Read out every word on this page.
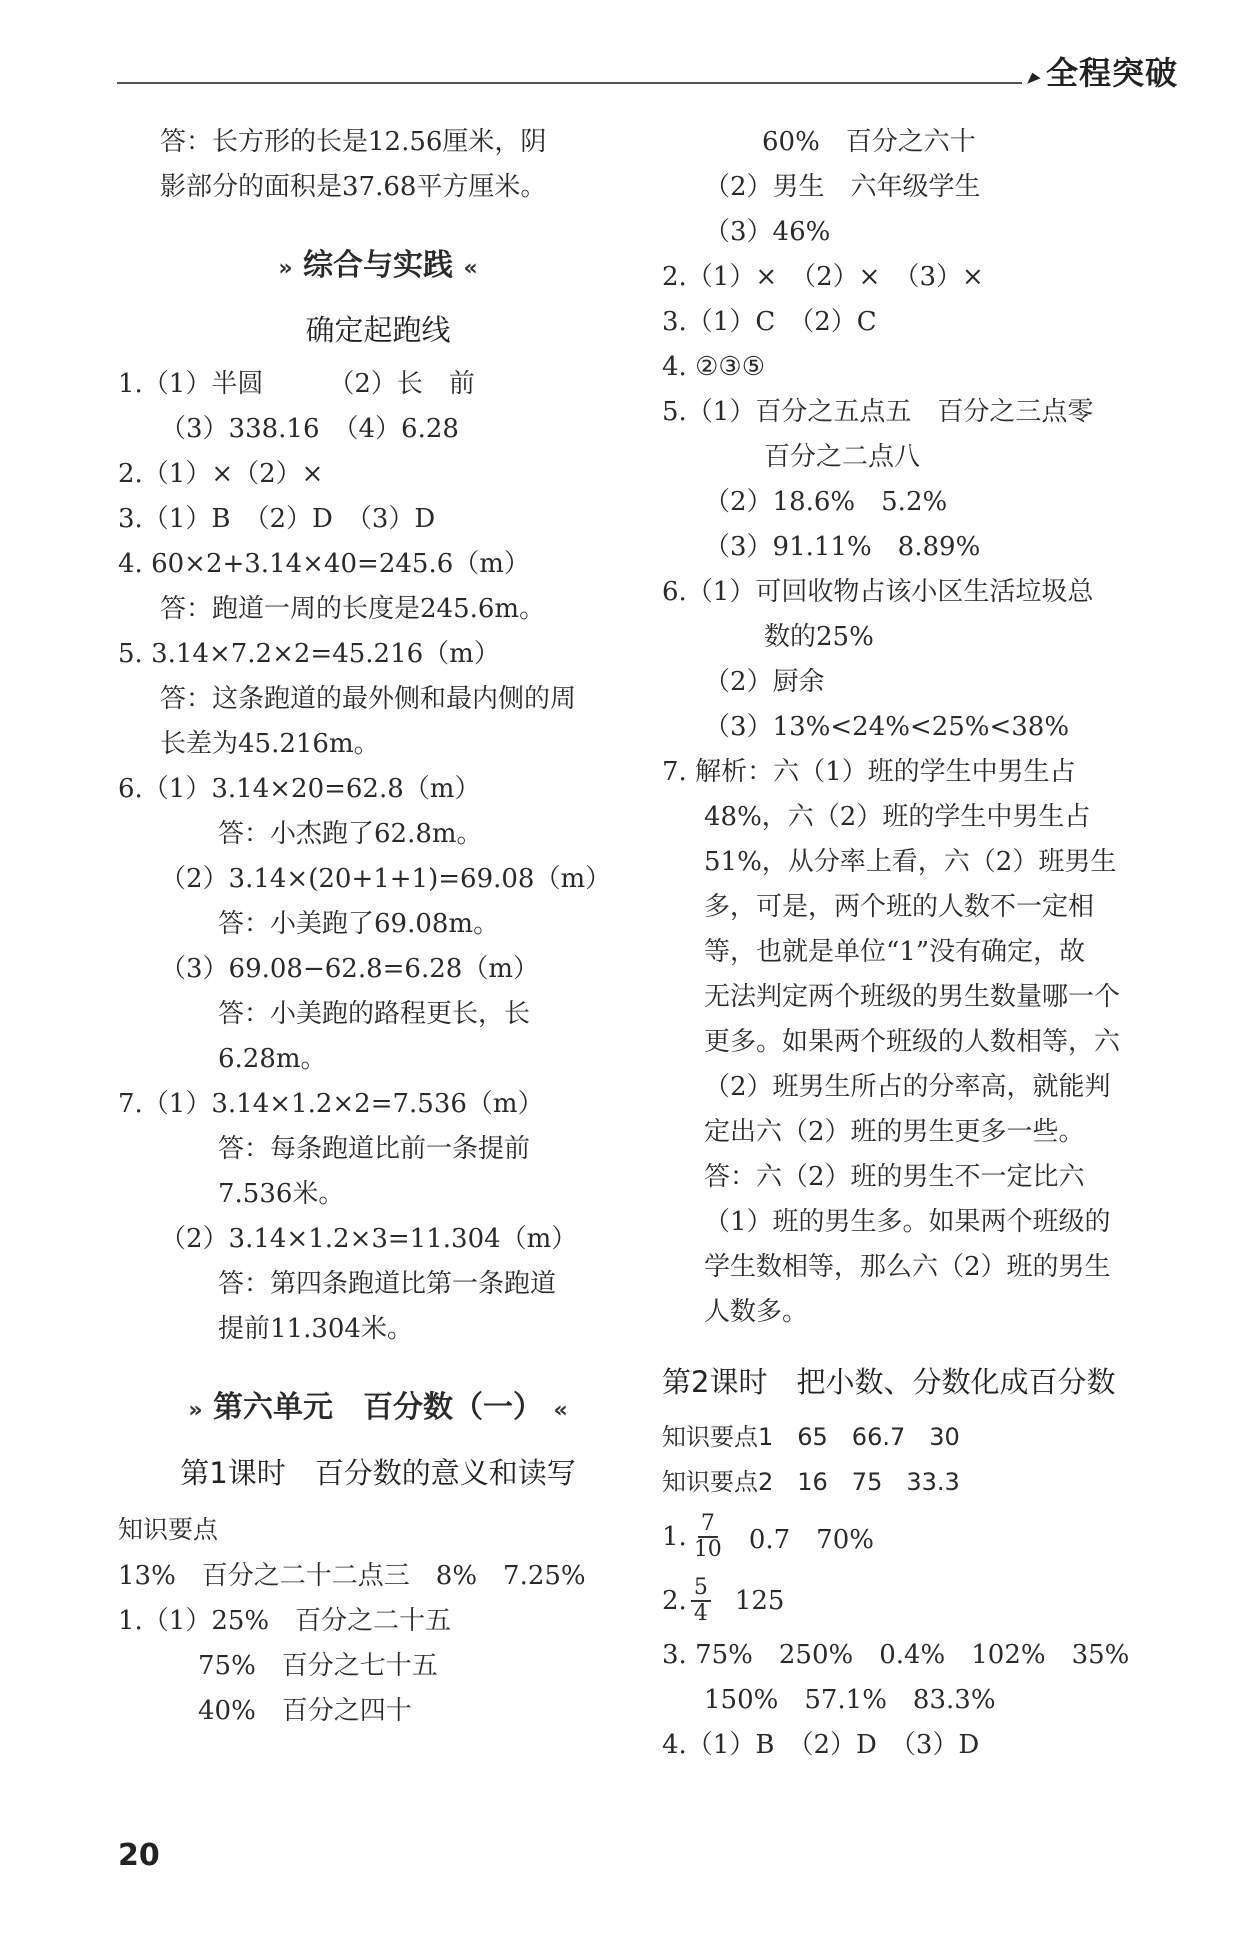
▸全程突破
答：长方形的长是12.56厘米，阴
影部分的面积是37.68平方厘米。
» 综合与实践 «
确定起跑线
1.（1）半圆　　　（2）长　前
（3）338.16　（4）6.28
2.（1）×（2）×
3.（1）B　（2）D　（3）D
4. 60×2+3.14×40=245.6（m）
答：跑道一周的长度是245.6m。
5. 3.14×7.2×2=45.216（m）
答：这条跑道的最外侧和最内侧的周
长差为45.216m。
6.（1）3.14×20=62.8（m）
答：小杰跑了62.8m。
（2）3.14×(20+1+1)=69.08（m）
答：小美跑了69.08m。
（3）69.08−62.8=6.28（m）
答：小美跑的路程更长，长
6.28m。
7.（1）3.14×1.2×2=7.536（m）
答：每条跑道比前一条提前
7.536米。
（2）3.14×1.2×3=11.304（m）
答：第四条跑道比第一条跑道
提前11.304米。
» 第六单元　百分数（一） «
第1课时　百分数的意义和读写
知识要点
13%　百分之二十二点三　8%　7.25%
1.（1）25%　百分之二十五
75%　百分之七十五
40%　百分之四十
60%　百分之六十
（2）男生　六年级学生
（3）46%
2.（1）×　（2）×　（3）×
3.（1）C　（2）C
4. ②③⑤
5.（1）百分之五点五　百分之三点零
百分之二点八
（2）18.6%　5.2%
（3）91.11%　8.89%
6.（1）可回收物占该小区生活垃圾总
数的25%
（2）厨余
（3）13%<24%<25%<38%
7. 解析：六（1）班的学生中男生占
48%，六（2）班的学生中男生占
51%，从分率上看，六（2）班男生
多，可是，两个班的人数不一定相
等，也就是单位“1”没有确定，故
无法判定两个班级的男生数量哪一个
更多。如果两个班级的人数相等，六
（2）班男生所占的分率高，就能判
定出六（2）班的男生更多一些。
答：六（2）班的男生不一定比六
（1）班的男生多。如果两个班级的
学生数相等，那么六（2）班的男生
人数多。
第2课时　把小数、分数化成百分数
知识要点1　65　66.7　30
知识要点2　16　75　33.3
1. $\frac{7}{10} 0.7$　70%
2. $\frac{5}{4} 125$
3. 75%　250%　0.4%　102%　35%
150%　57.1%　83.3%
4.（1）B　（2）D　（3）D
20
